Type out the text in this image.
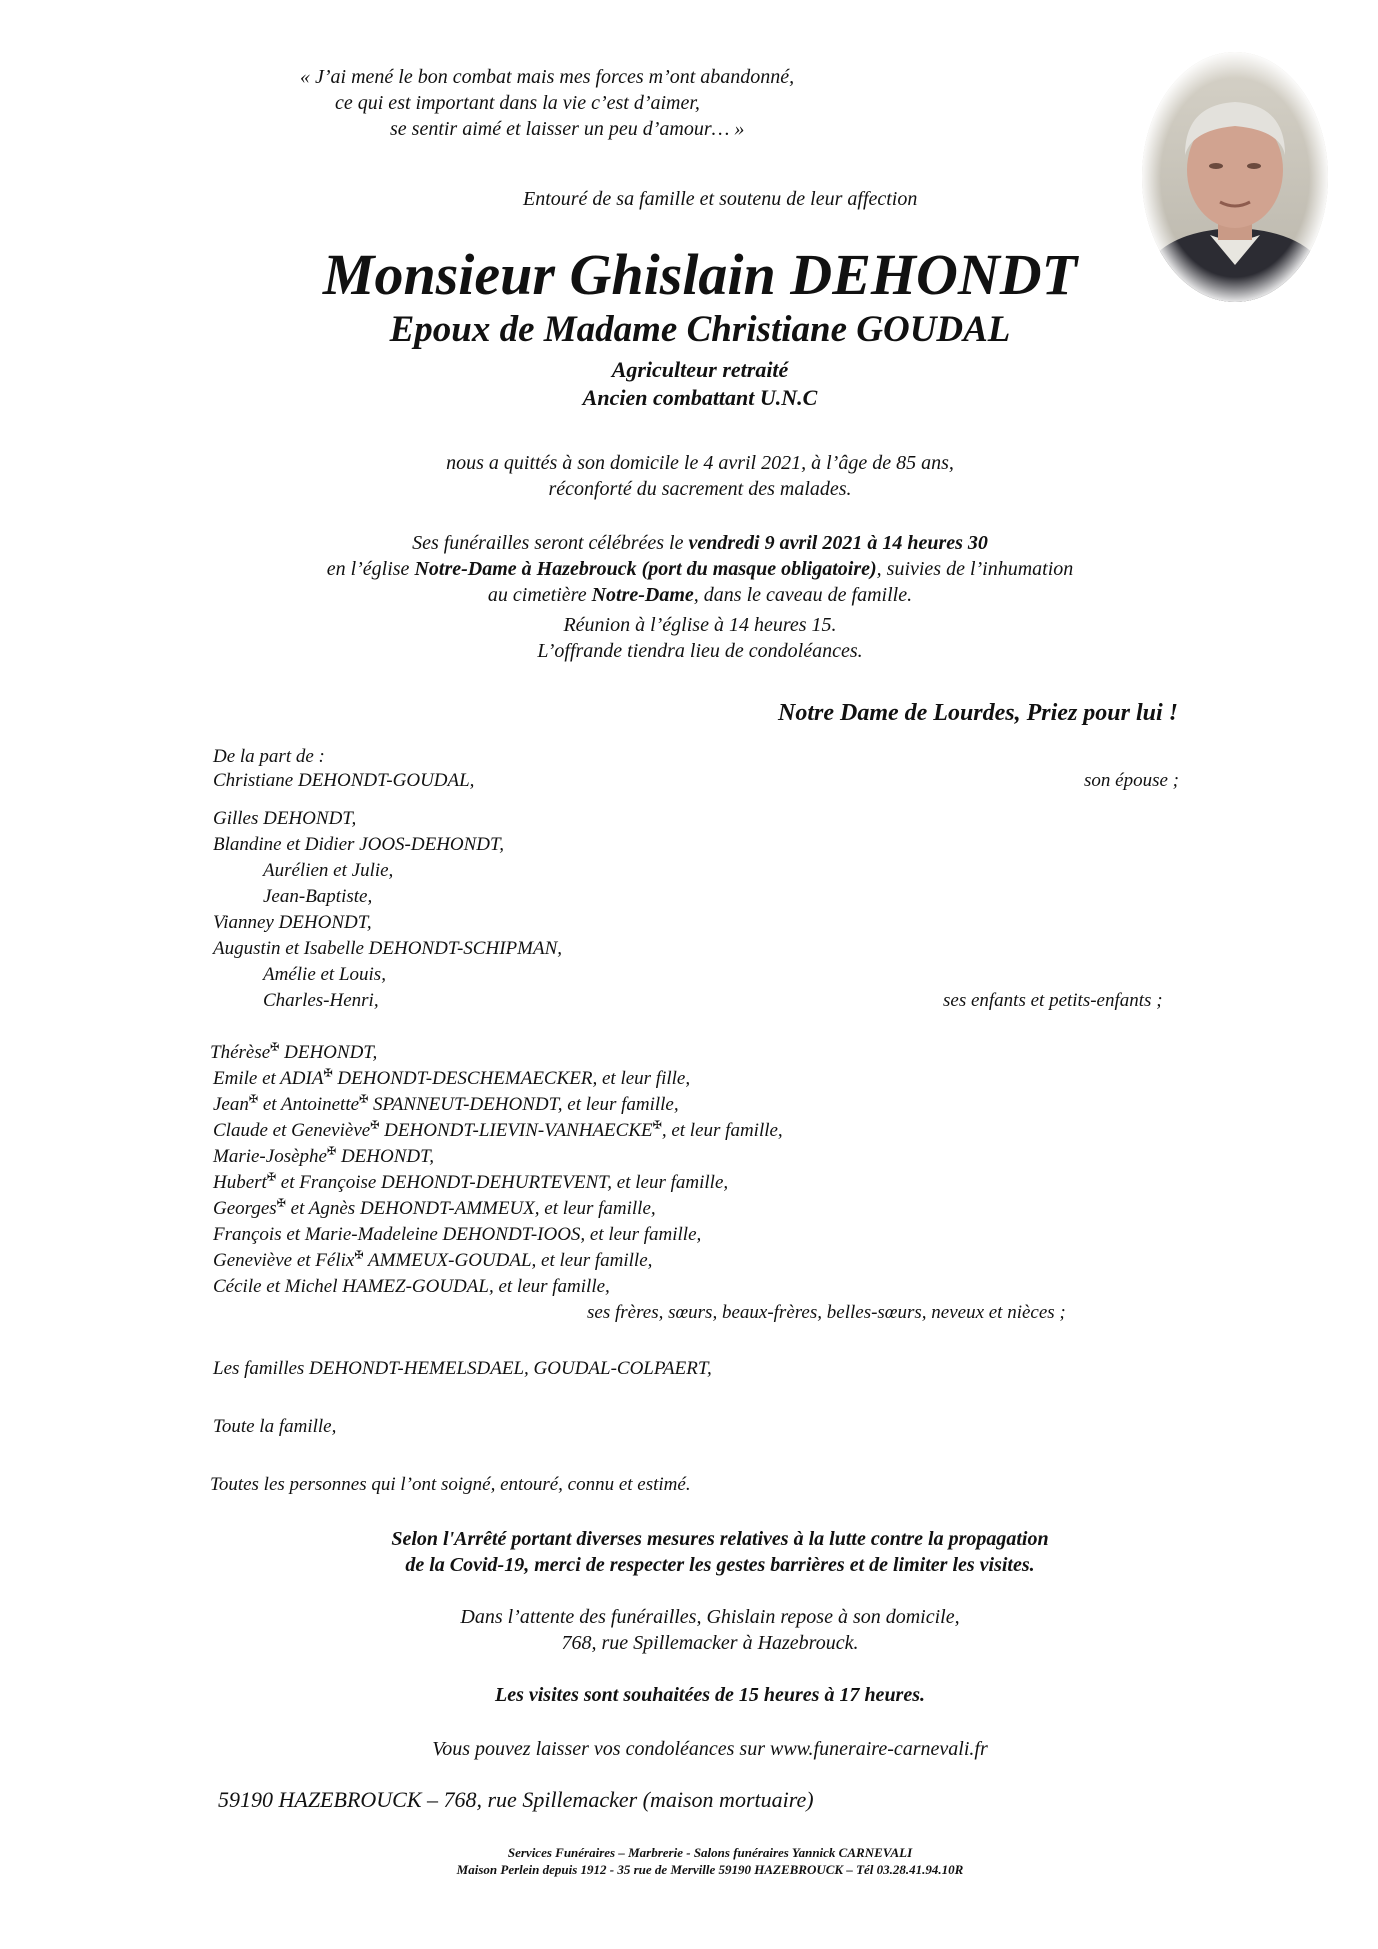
« J’ai mené le bon combat mais mes forces m’ont abandonné,
ce qui est important dans la vie c’est d’aimer,
se sentir aimé et laisser un peu d’amour… »
Entouré de sa famille et soutenu de leur affection
Monsieur Ghislain DEHONDT
Epoux de Madame Christiane GOUDAL
Agriculteur retraité
Ancien combattant U.N.C
nous a quittés à son domicile le 4 avril 2021, à l’âge de 85 ans,
réconforté du sacrement des malades.
Ses funérailles seront célébrées le vendredi 9 avril 2021 à 14 heures 30
en l’église Notre-Dame à Hazebrouck (port du masque obligatoire), suivies de l’inhumation
au cimetière Notre-Dame, dans le caveau de famille.
Réunion à l’église à 14 heures 15.
L’offrande tiendra lieu de condoléances.
Notre Dame de Lourdes, Priez pour lui !
De la part de :
Christiane DEHONDT-GOUDAL,	son épouse ;
Gilles DEHONDT,
Blandine et Didier JOOS-DEHONDT,
Aurélien et Julie,
Jean-Baptiste,
Vianney DEHONDT,
Augustin et Isabelle DEHONDT-SCHIPMAN,
Amélie et Louis,
Charles-Henri,	ses enfants et petits-enfants ;
Thérèse✠ DEHONDT,
Emile et ADIA✠ DEHONDT-DESCHEMAECKER, et leur fille,
Jean✠ et Antoinette✠ SPANNEUT-DEHONDT, et leur famille,
Claude et Geneviève✠ DEHONDT-LIEVIN-VANHAECKE✠, et leur famille,
Marie-Josèphe✠ DEHONDT,
Hubert✠ et Françoise DEHONDT-DEHURTEVENT, et leur famille,
Georges✠ et Agnès DEHONDT-AMMEUX, et leur famille,
François et Marie-Madeleine DEHONDT-IOOS, et leur famille,
Geneviève et Félix✠ AMMEUX-GOUDAL, et leur famille,
Cécile et Michel HAMEZ-GOUDAL, et leur famille,
ses frères, sœurs, beaux-frères, belles-sœurs, neveux et nièces ;
Les familles DEHONDT-HEMELSDAEL, GOUDAL-COLPAERT,
Toute la famille,
Toutes les personnes qui l’ont soigné, entouré, connu et estimé.
Selon l'Arrêté portant diverses mesures relatives à la lutte contre la propagation
de la Covid-19, merci de respecter les gestes barrières et de limiter les visites.
Dans l’attente des funérailles, Ghislain repose à son domicile,
768, rue Spillemacker à Hazebrouck.
Les visites sont souhaitées de 15 heures à 17 heures.
Vous pouvez laisser vos condoléances sur www.funeraire-carnevali.fr
59190 HAZEBROUCK – 768, rue Spillemacker (maison mortuaire)
Services Funéraires – Marbrerie - Salons funéraires Yannick CARNEVALI
Maison Perlein depuis 1912 - 35 rue de Merville 59190 HAZEBROUCK – Tél 03.28.41.94.10R
